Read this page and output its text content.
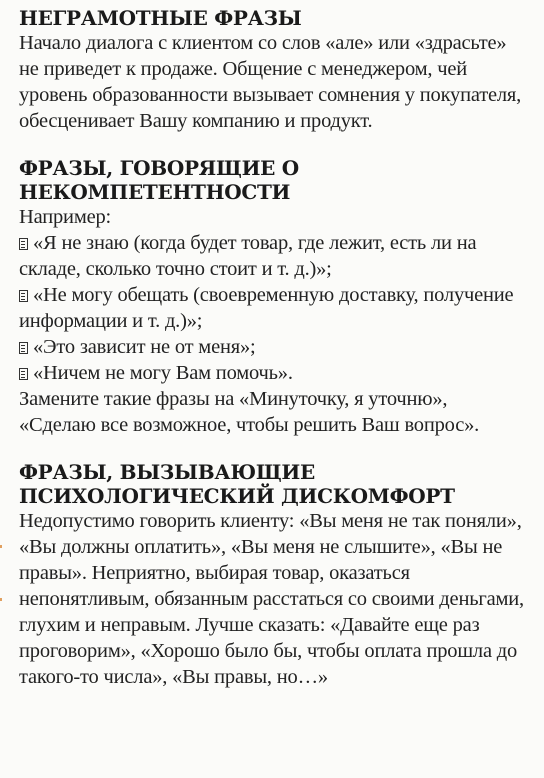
НЕГРАМОТНЫЕ ФРАЗЫ

Начало диалога с клиентом со слов «але» или «здрасьте» не приведет к продаже. Общение с менеджером, чей уровень образованности вызывает сомнения у покупателя, обесценивает Вашу компанию и продукт.

ФРАЗЫ, ГОВОРЯЩИЕ О НЕКОМПЕТЕНТНОСТИ

Например:

«Я не знаю (когда будет товар, где лежит, есть ли на складе, сколько точно стоит и т. д.)»;

«Не могу обещать (своевременную доставку, получение информации и т. д.)»;

«Это зависит не от меня»;

«Ничем не могу Вам помочь».

Замените такие фразы на «Минуточку, я уточню», «Сделаю все возможное, чтобы решить Ваш вопрос».

ФРАЗЫ, ВЫЗЫВАЮЩИЕ ПСИХОЛОГИЧЕСКИЙ ДИСКОМФОРТ

Недопустимо говорить клиенту: «Вы меня не так поняли», «Вы должны оплатить», «Вы меня не слышите», «Вы не правы». Неприятно, выбирая товар, оказаться непонятливым, обязанным расстаться со своими деньгами, глухим и неправым. Лучше сказать: «Давайте еще раз проговорим», «Хорошо было бы, чтобы оплата прошла до такого-то числа», «Вы правы, но…»
